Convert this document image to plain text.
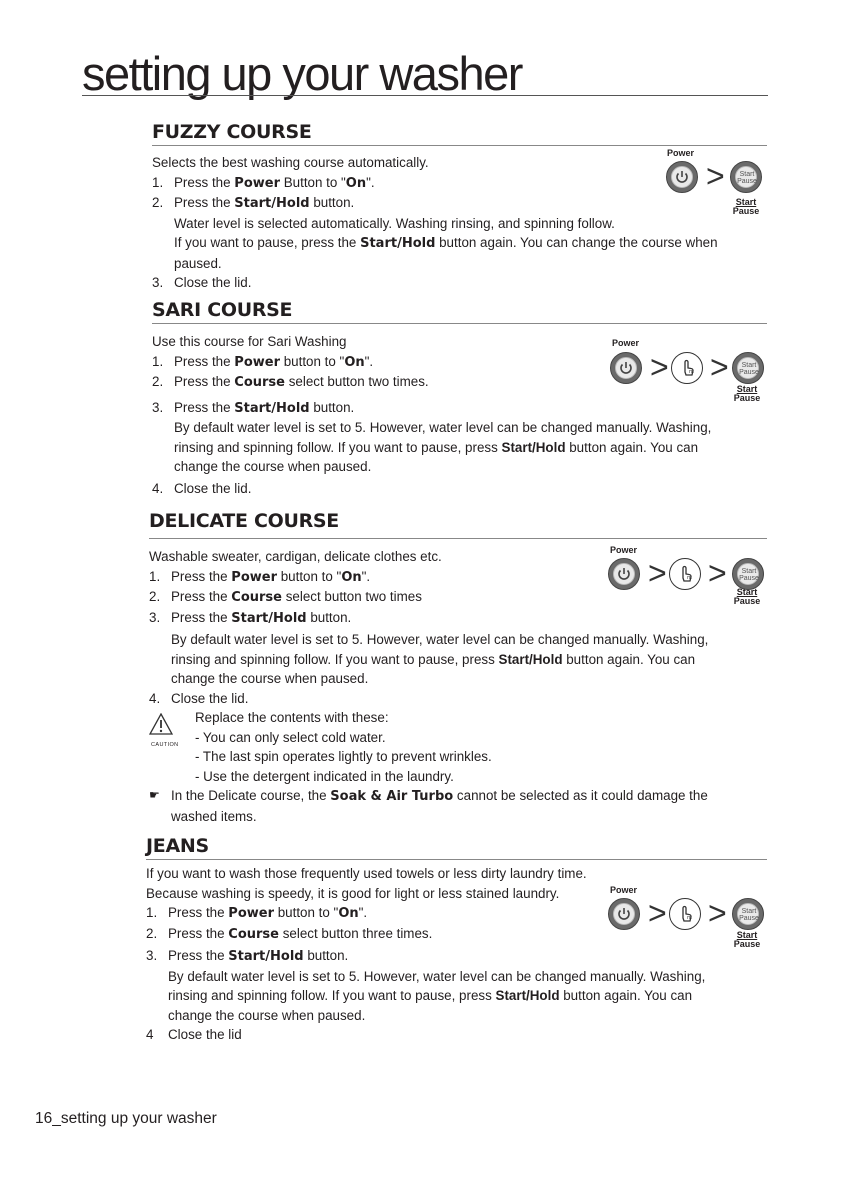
setting up your washer
FUZZY COURSE
Selects the best washing course automatically.
1. Press the Power Button to "On".
2. Press the Start/Hold button.
Water level is selected automatically. Washing rinsing, and spinning follow.
If you want to pause, press the Start/Hold button again. You can change the course when
paused.
3. Close the lid.
Power
>	Start
Pause
Start
Pause
SARI COURSE
Use this course for Sari Washing
1. Press the Power button to "On".
2. Press the Course select button two times.
3. Press the Start/Hold button.
By default water level is set to 5. However, water level can be changed manually. Washing,
rinsing and spinning follow. If you want to pause, press Start/Hold button again. You can
change the course when paused.
4. Close the lid.
Power
>	m >	Start
Pause
Start
Pause
DELICATE COURSE
Washable sweater, cardigan, delicate clothes etc.
1. Press the Power button to "On".
2. Press the Course select button two times
3. Press the Start/Hold button.
By default water level is set to 5. However, water level can be changed manually. Washing,
rinsing and spinning follow. If you want to pause, press Start/Hold button again. You can
change the course when paused.
4. Close the lid.
CAUTION
Replace the contents with these:
- You can only select cold water.
- The last spin operates lightly to prevent wrinkles.
- Use the detergent indicated in the laundry.
☛ In the Delicate course, the Soak & Air Turbo cannot be selected as it could damage the
washed items.
Power
>	m >	Start
Pause
Start
Pause
JEANS
If you want to wash those frequently used towels or less dirty laundry time.
Because washing is speedy, it is good for light or less stained laundry.
1. Press the Power button to "On".
2. Press the Course select button three times.
3. Press the Start/Hold button.
By default water level is set to 5. However, water level can be changed manually. Washing,
rinsing and spinning follow. If you want to pause, press Start/Hold button again. You can
change the course when paused.
4	Close the lid
Power
>	m >	Start
Pause
Start
Pause
16_setting up your washer
